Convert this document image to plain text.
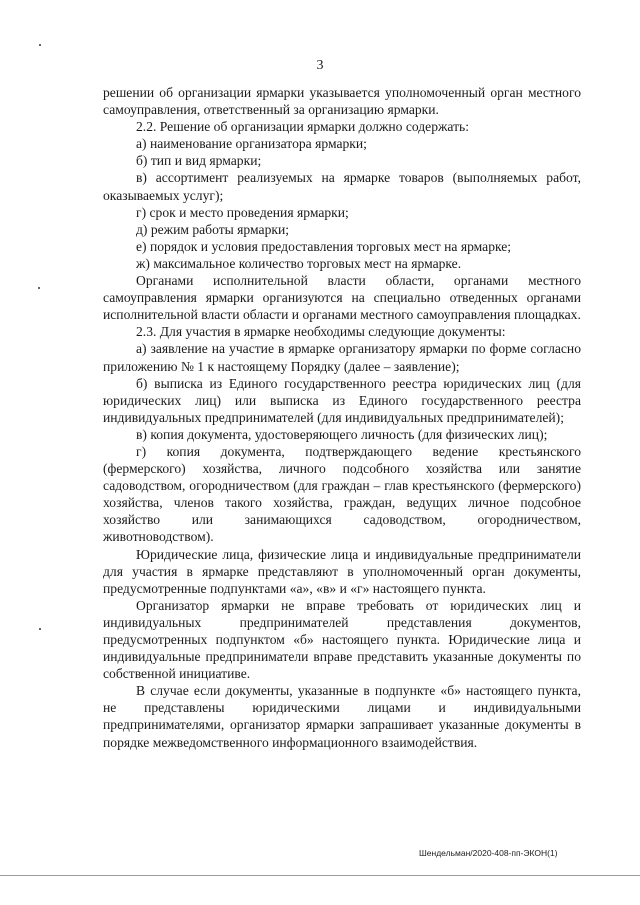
3

решении об организации ярмарки указывается уполномоченный орган местного самоуправления, ответственный за организацию ярмарки.

2.2. Решение об организации ярмарки должно содержать:

а) наименование организатора ярмарки;

б) тип и вид ярмарки;

в) ассортимент реализуемых на ярмарке товаров (выполняемых работ, оказываемых услуг);

г) срок и место проведения ярмарки;

д) режим работы ярмарки;

е) порядок и условия предоставления торговых мест на ярмарке;

ж) максимальное количество торговых мест на ярмарке.

Органами исполнительной власти области, органами местного самоуправления ярмарки организуются на специально отведенных органами исполнительной власти области и органами местного самоуправления площадках.

2.3. Для участия в ярмарке необходимы следующие документы:

а) заявление на участие в ярмарке организатору ярмарки по форме согласно приложению № 1 к настоящему Порядку (далее – заявление);

б) выписка из Единого государственного реестра юридических лиц (для юридических лиц) или выписка из Единого государственного реестра индивидуальных предпринимателей (для индивидуальных предпринимателей);

в) копия документа, удостоверяющего личность (для физических лиц);

г) копия документа, подтверждающего ведение крестьянского (фермерского) хозяйства, личного подсобного хозяйства или занятие садоводством, огородничеством (для граждан – глав крестьянского (фермерского) хозяйства, членов такого хозяйства, граждан, ведущих личное подсобное хозяйство или занимающихся садоводством, огородничеством, животноводством).

Юридические лица, физические лица и индивидуальные предприниматели для участия в ярмарке представляют в уполномоченный орган документы, предусмотренные подпунктами «а», «в» и «г» настоящего пункта.

Организатор ярмарки не вправе требовать от юридических лиц и индивидуальных предпринимателей представления документов, предусмотренных подпунктом «б» настоящего пункта. Юридические лица и индивидуальные предприниматели вправе представить указанные документы по собственной инициативе.

В случае если документы, указанные в подпункте «б» настоящего пункта, не представлены юридическими лицами и индивидуальными предпринимателями, организатор ярмарки запрашивает указанные документы в порядке межведомственного информационного взаимодействия.

Шендельман/2020-408-пп-ЭКОН(1)
